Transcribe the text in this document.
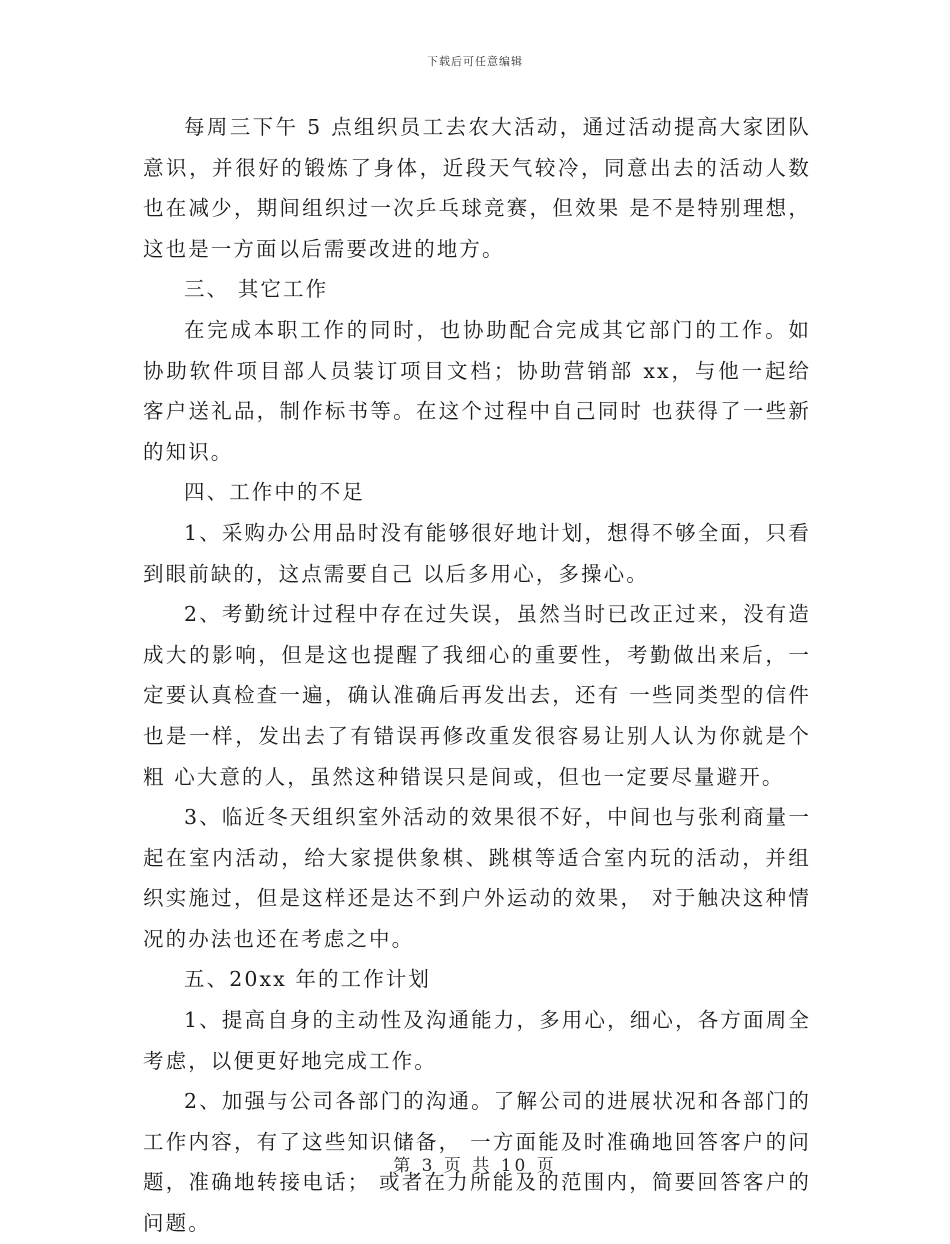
下载后可任意编辑

每周三下午 5 点组织员工去农大活动，通过活动提高大家团队意识，并很好的锻炼了身体，近段天气较冷，同意出去的活动人数也在减少，期间组织过一次乒乓球竞赛，但效果 是不是特别理想，这也是一方面以后需要改进的地方。

三、 其它工作

在完成本职工作的同时，也协助配合完成其它部门的工作。如协助软件项目部人员装订项目文档；协助营销部 xx，与他一起给客户送礼品，制作标书等。在这个过程中自己同时 也获得了一些新的知识。

四、工作中的不足

1、采购办公用品时没有能够很好地计划，想得不够全面，只看到眼前缺的，这点需要自己 以后多用心，多操心。

2、考勤统计过程中存在过失误，虽然当时已改正过来，没有造成大的影响，但是这也提醒了我细心的重要性，考勤做出来后，一定要认真检查一遍，确认准确后再发出去，还有 一些同类型的信件也是一样，发出去了有错误再修改重发很容易让别人认为你就是个粗 心大意的人，虽然这种错误只是间或，但也一定要尽量避开。

3、临近冬天组织室外活动的效果很不好，中间也与张利商量一起在室内活动，给大家提供象棋、跳棋等适合室内玩的活动，并组织实施过，但是这样还是达不到户外运动的效果， 对于触决这种情况的办法也还在考虑之中。

五、20xx 年的工作计划

1、提高自身的主动性及沟通能力，多用心，细心，各方面周全考虑，以便更好地完成工作。

2、加强与公司各部门的沟通。了解公司的进展状况和各部门的工作内容，有了这些知识储备， 一方面能及时准确地回答客户的问题，准确地转接电话； 或者在力所能及的范围内，简要回答客户的问题。

第 3 页 共 10 页
